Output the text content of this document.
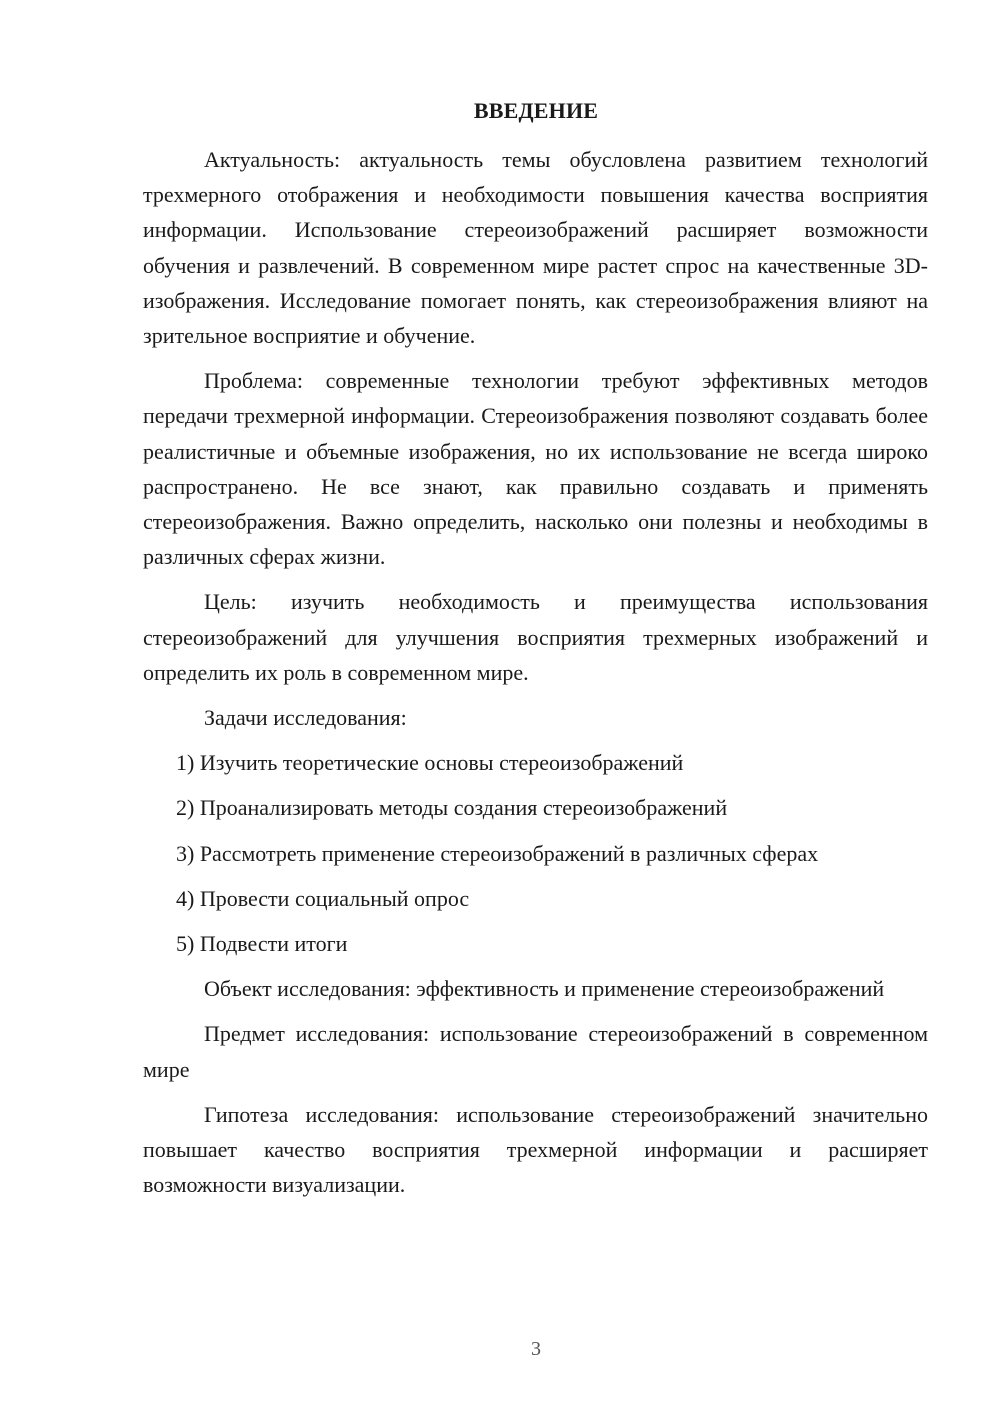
ВВЕДЕНИЕ

Актуальность: актуальность темы обусловлена развитием технологий трехмерного отображения и необходимости повышения качества восприятия информации. Использование стереоизображений расширяет возможности обучения и развлечений. В современном мире растет спрос на качественные 3D-изображения. Исследование помогает понять, как стереоизображения влияют на зрительное восприятие и обучение.

Проблема: современные технологии требуют эффективных методов передачи трехмерной информации. Стереоизображения позволяют создавать более реалистичные и объемные изображения, но их использование не всегда широко распространено. Не все знают, как правильно создавать и применять стереоизображения. Важно определить, насколько они полезны и необходимы в различных сферах жизни.

Цель: изучить необходимость и преимущества использования стереоизображений для улучшения восприятия трехмерных изображений и определить их роль в современном мире.

Задачи исследования:

1) Изучить теоретические основы стереоизображений

2) Проанализировать методы создания стереоизображений

3) Рассмотреть применение стереоизображений в различных сферах

4) Провести социальный опрос

5) Подвести итоги

Объект исследования: эффективность и применение стереоизображений

Предмет исследования: использование стереоизображений в современном мире

Гипотеза исследования: использование стереоизображений значительно повышает качество восприятия трехмерной информации и расширяет возможности визуализации.

3
